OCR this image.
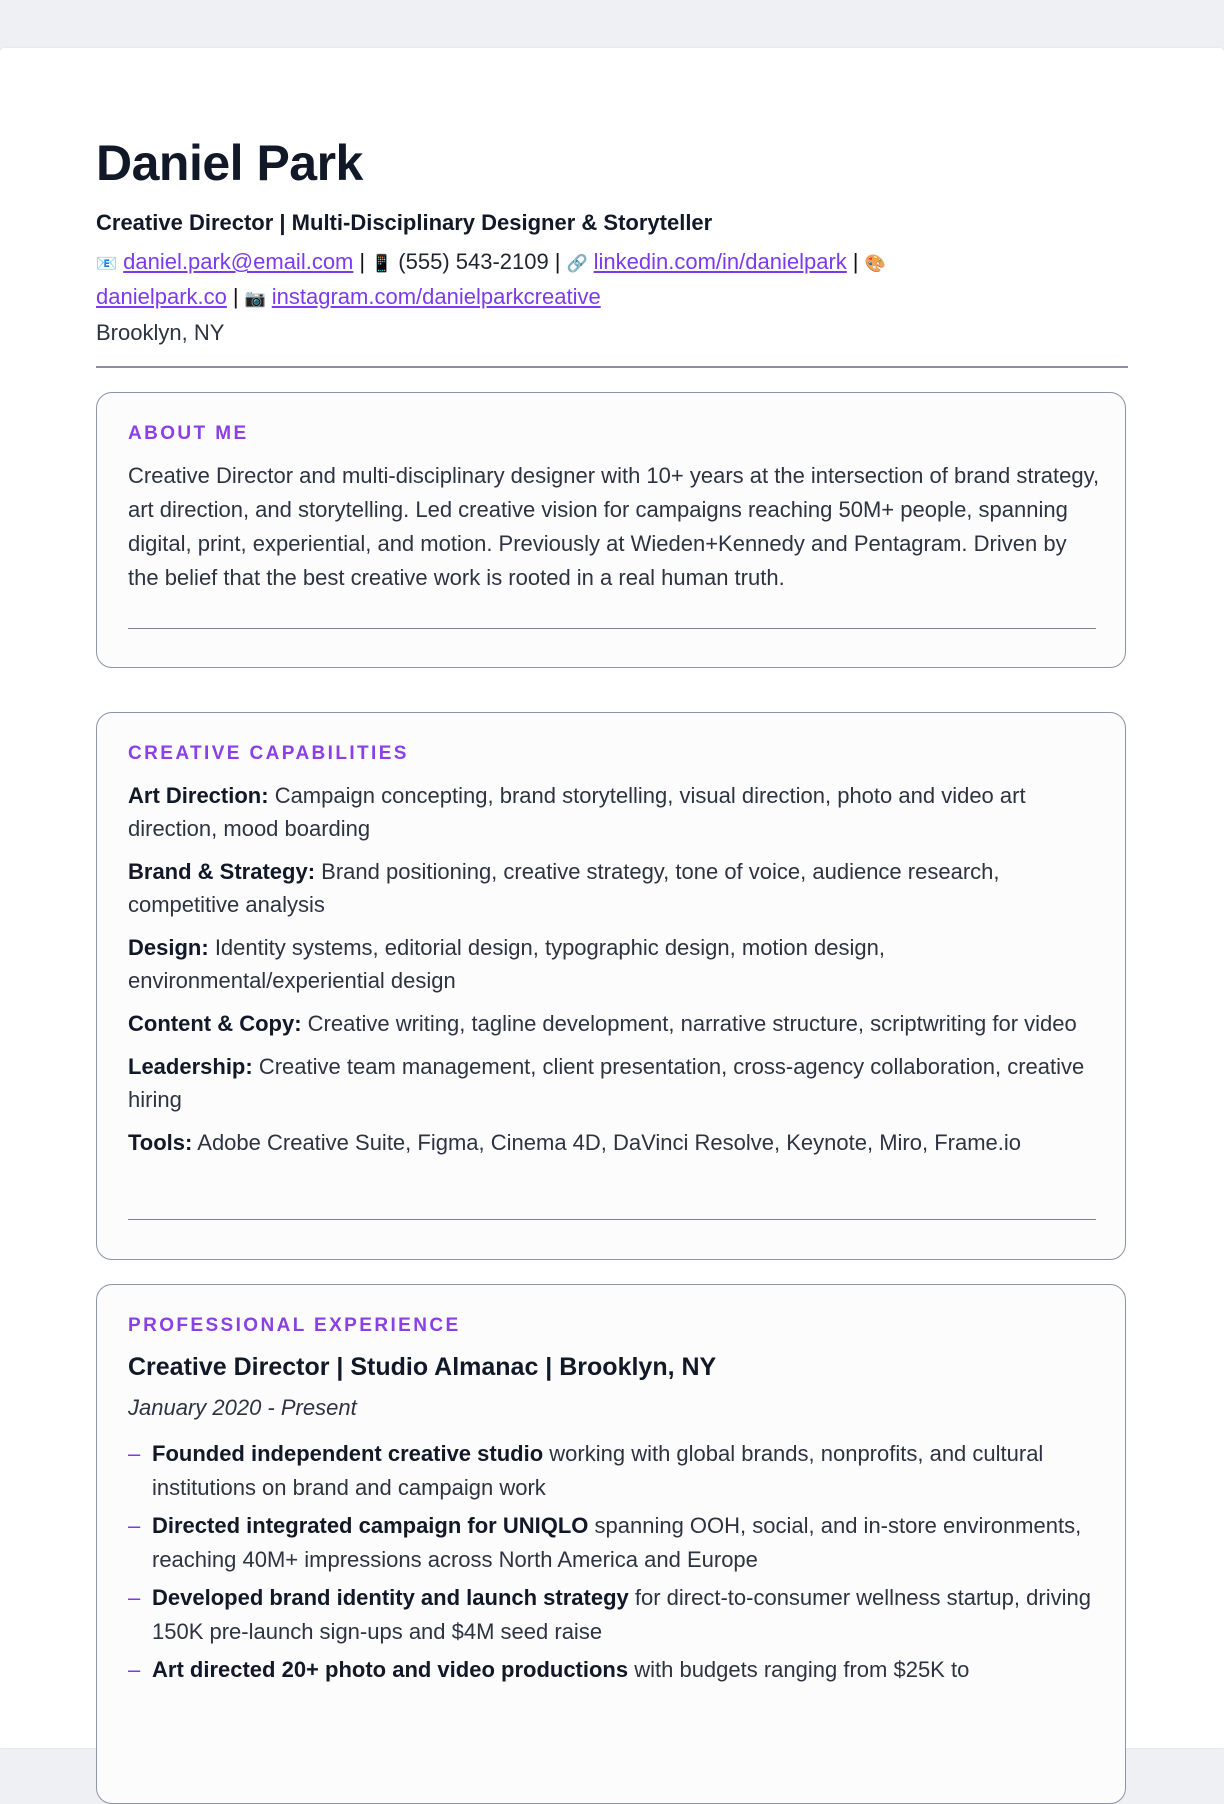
Daniel Park
Creative Director | Multi-Disciplinary Designer & Storyteller
📧 daniel.park@email.com | 📱 (555) 543-2109 | 🔗 linkedin.com/in/danielpark | 🎨
danielpark.co | 📷 instagram.com/danielparkcreative
Brooklyn, NY
ABOUT ME
Creative Director and multi-disciplinary designer with 10+ years at the intersection of brand strategy, art direction, and storytelling. Led creative vision for campaigns reaching 50M+ people, spanning digital, print, experiential, and motion. Previously at Wieden+Kennedy and Pentagram. Driven by the belief that the best creative work is rooted in a real human truth.
CREATIVE CAPABILITIES
Art Direction: Campaign concepting, brand storytelling, visual direction, photo and video art direction, mood boarding
Brand & Strategy: Brand positioning, creative strategy, tone of voice, audience research, competitive analysis
Design: Identity systems, editorial design, typographic design, motion design, environmental/experiential design
Content & Copy: Creative writing, tagline development, narrative structure, scriptwriting for video
Leadership: Creative team management, client presentation, cross-agency collaboration, creative hiring
Tools: Adobe Creative Suite, Figma, Cinema 4D, DaVinci Resolve, Keynote, Miro, Frame.io
PROFESSIONAL EXPERIENCE
Creative Director | Studio Almanac | Brooklyn, NY
January 2020 - Present
– Founded independent creative studio working with global brands, nonprofits, and cultural institutions on brand and campaign work
– Directed integrated campaign for UNIQLO spanning OOH, social, and in-store environments, reaching 40M+ impressions across North America and Europe
– Developed brand identity and launch strategy for direct-to-consumer wellness startup, driving 150K pre-launch sign-ups and $4M seed raise
– Art directed 20+ photo and video productions with budgets ranging from $25K to
